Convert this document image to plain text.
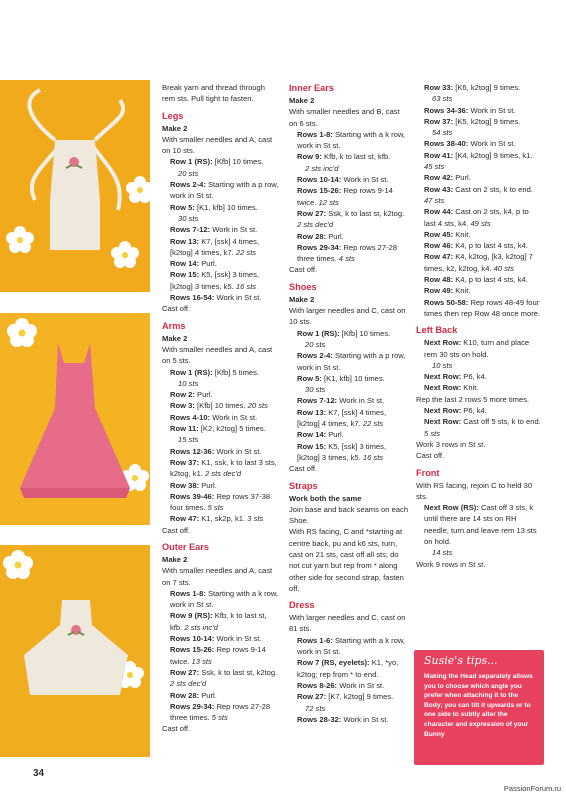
Break yarn and thread through rem sts. Pull tight to fasten.

Legs

Make 2

With smaller needles and A, cast on 10 sts.

Row 1 (RS): [Kfb] 10 times.
20 sts

Rows 2-4: Starting with a p row, work in St st.

Row 5: [K1, kfb] 10 times.
30 sts

Rows 7-12: Work in St st.

Row 13: K7, [ssk] 4 times, [k2tog] 4 times, k7. 22 sts

Row 14: Purl.

Row 15: K5, [ssk] 3 times, [k2tog] 3 times, k5. 16 sts

Rows 16-54: Work in St st.

Cast off.

Arms

Make 2

With smaller needles and A, cast on 5 sts.

Row 1 (RS): [Kfb] 5 times.
10 sts

Row 2: Purl.

Row 3: [Kfb] 10 times. 20 sts

Rows 4-10: Work in St st.

Row 11: [K2, k2tog] 5 times.
15 sts

Rows 12-36: Work in St st.

Row 37: K1, ssk, k to last 3 sts, k2tog, k1. 2 sts dec'd

Row 38: Purl.

Rows 39-46: Rep rows 37-38 four times. 5 sts

Row 47: K1, sk2p, k1. 3 sts

Cast off.

Outer Ears

Make 2

With smaller needles and A, cast on 7 sts.

Rows 1-8: Starting with a k row, work in St st.

Row 9 (RS): Kfb, k to last st, kfb. 2 sts inc'd

Rows 10-14: Work in St st.

Rows 15-26: Rep rows 9-14 twice. 13 sts

Row 27: Ssk, k to last st, k2tog. 2 sts dec'd

Row 28: Purl.

Rows 29-34: Rep rows 27-28 three times. 5 sts

Cast off.

Inner Ears

Make 2

With smaller needles and B, cast on 6 sts.

Rows 1-8: Starting with a k row, work in St st.

Row 9: Kfb, k to last st, kfb.
2 sts inc'd

Rows 10-14: Work in St st.

Rows 15-26: Rep rows 9-14 twice. 12 sts

Row 27: Ssk, k to last st, k2tog. 2 sts dec'd

Row 28: Purl.

Rows 29-34: Rep rows 27-28 three times. 4 sts

Cast off.

Shoes

Make 2

With larger needles and C, cast on 10 sts.

Row 1 (RS): [Kfb] 10 times.
20 sts

Rows 2-4: Starting with a p row, work in St st.

Row 5: [K1, kfb] 10 times.
30 sts

Rows 7-12: Work in St st.

Row 13: K7, [ssk] 4 times, [k2tog] 4 times, k7. 22 sts

Row 14: Purl.

Row 15: K5, [ssk] 3 times, [k2tog] 3 times, k5. 16 sts

Cast off.

Straps

Work both the same

Join base and back seams on each Shoe.

With RS facing, C and *starting at centre back, pu and k6 sts, turn, cast on 21 sts, cast off all sts; do not cut yarn but rep from * along other side for second strap, fasten off.

Dress

With larger needles and C, cast on 81 sts.

Rows 1-6: Starting with a k row, work in St st.

Row 7 (RS, eyelets): K1, *yo, k2tog; rep from * to end.

Rows 8-26: Work in St st.

Row 27: [K7, k2tog] 9 times.
72 sts

Rows 28-32: Work in St st.

Row 33: [K6, k2tog] 9 times.
63 sts

Rows 34-36: Work in St st.

Row 37: [K5, k2tog] 9 times.
54 sts

Rows 38-40: Work in St st.

Row 41: [K4, k2tog] 9 times, k1. 45 sts

Row 42: Purl.

Row 43: Cast on 2 sts, k to end. 47 sts

Row 44: Cast on 2 sts, k4, p to last 4 sts, k4. 49 sts

Row 45: Knit.

Row 46: K4, p to last 4 sts, k4.

Row 47: K4, k2tog, [k3, k2tog] 7 times, k2, k2tog, k4. 40 sts

Row 48: K4, p to last 4 sts, k4.

Row 49: Knit.

Rows 50-58: Rep rows 48-49 four times then rep Row 48 once more.

Left Back

Next Row: K10, turn and place rem 30 sts on hold.
10 sts

Next Row: P6, k4.

Next Row: Knit.

Rep the last 2 rows 5 more times.

Next Row: P6, k4.

Next Row: Cast off 5 sts, k to end. 5 sts

Work 3 rows in St st.

Cast off.

Front

With RS facing, rejoin C to held 30 sts.

Next Row (RS): Cast off 3 sts, k until there are 14 sts on RH needle, turn and leave rem 13 sts on hold.
14 sts

Work 9 rows in St st.

Susie's tips...
Making the Head separately allows you to choose which angle you prefer when attaching it to the Body; you can tilt it upwards or to one side to subtly alter the character and expression of your Bunny
34
PassionForum.ru
